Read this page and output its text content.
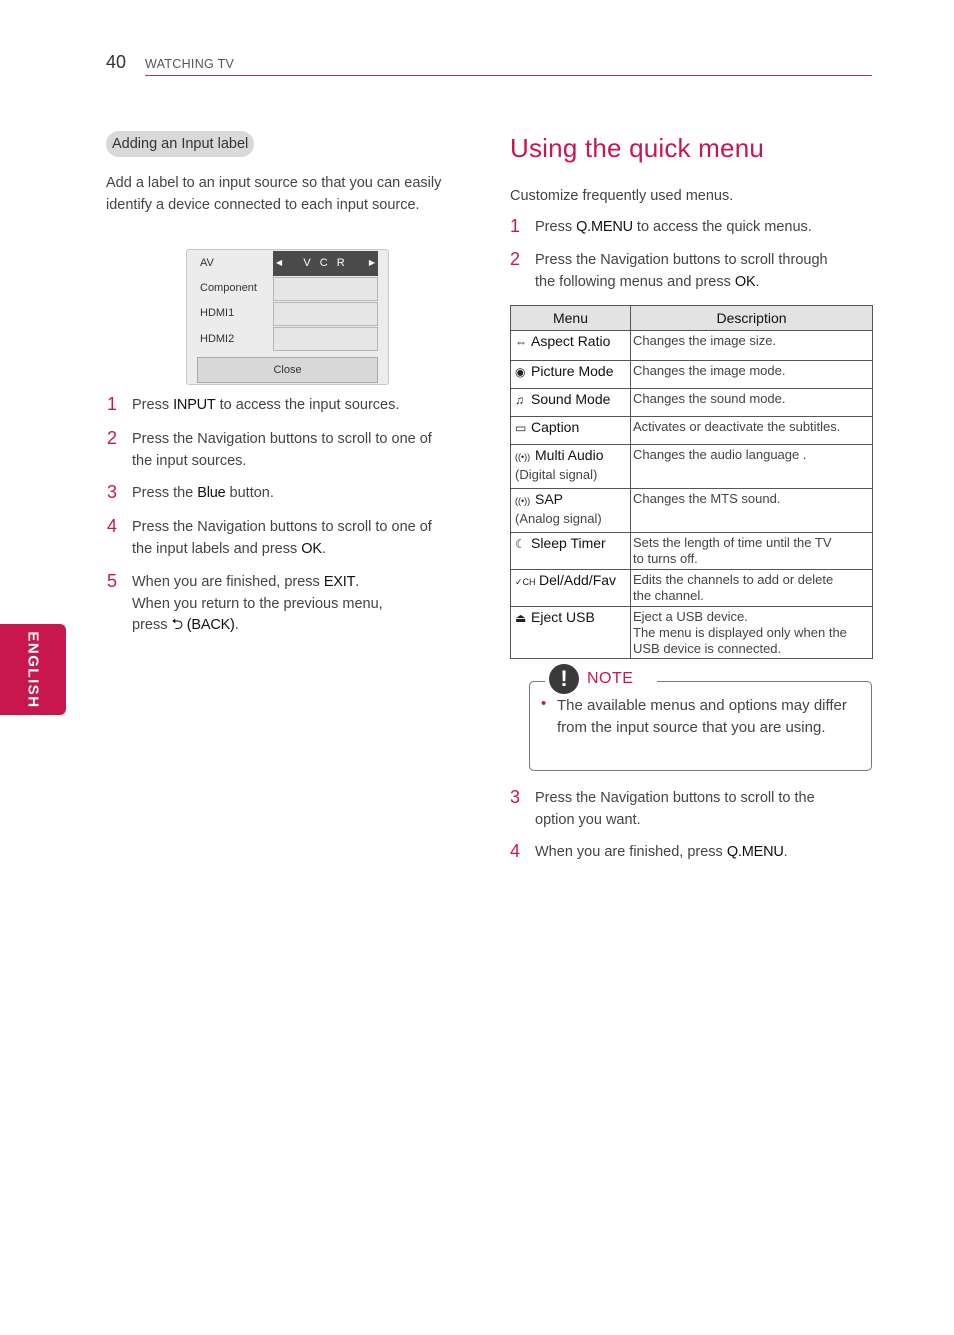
40 WATCHING TV
ENGLISH
Adding an Input label
Add a label to an input source so that you can easily identify a device connected to each input source.
AV
Component
HDMI1
HDMI2
◀ V C R	▶
Close
1 Press INPUT to access the input sources.
2 Press the Navigation buttons to scroll to one of
the input sources.
3 Press the Blue button.
4 Press the Navigation buttons to scroll to one of
the input labels and press OK.
5 When you are finished, press EXIT.
When you return to the previous menu,
press ⮌ (BACK).
Using the quick menu
Customize frequently used menus.
1 Press Q.MENU to access the quick menus.
2 Press the Navigation buttons to scroll through
the following menus and press OK.
Menu	Description
⇔ Aspect Ratio	Changes the image size.
◉ Picture Mode	Changes the image mode.
♫ Sound Mode	Changes the sound mode.
▭ Caption	Activates or deactivate the subtitles.
((•)) Multi Audio
(Digital signal)	Changes the audio language .
((•)) SAP
(Analog signal)	Changes the MTS sound.
☾ Sleep Timer	Sets the length of time until the TV
to turns off.
✓CH Del/Add/Fav	Edits the channels to add or delete
the channel.
⏏ Eject USB	Eject a USB device.
The menu is displayed only when the
USB device is connected.
!	NOTE
• The available menus and options may differ from the input source that you are using.
3 Press the Navigation buttons to scroll to the
option you want.
4 When you are finished, press Q.MENU.
